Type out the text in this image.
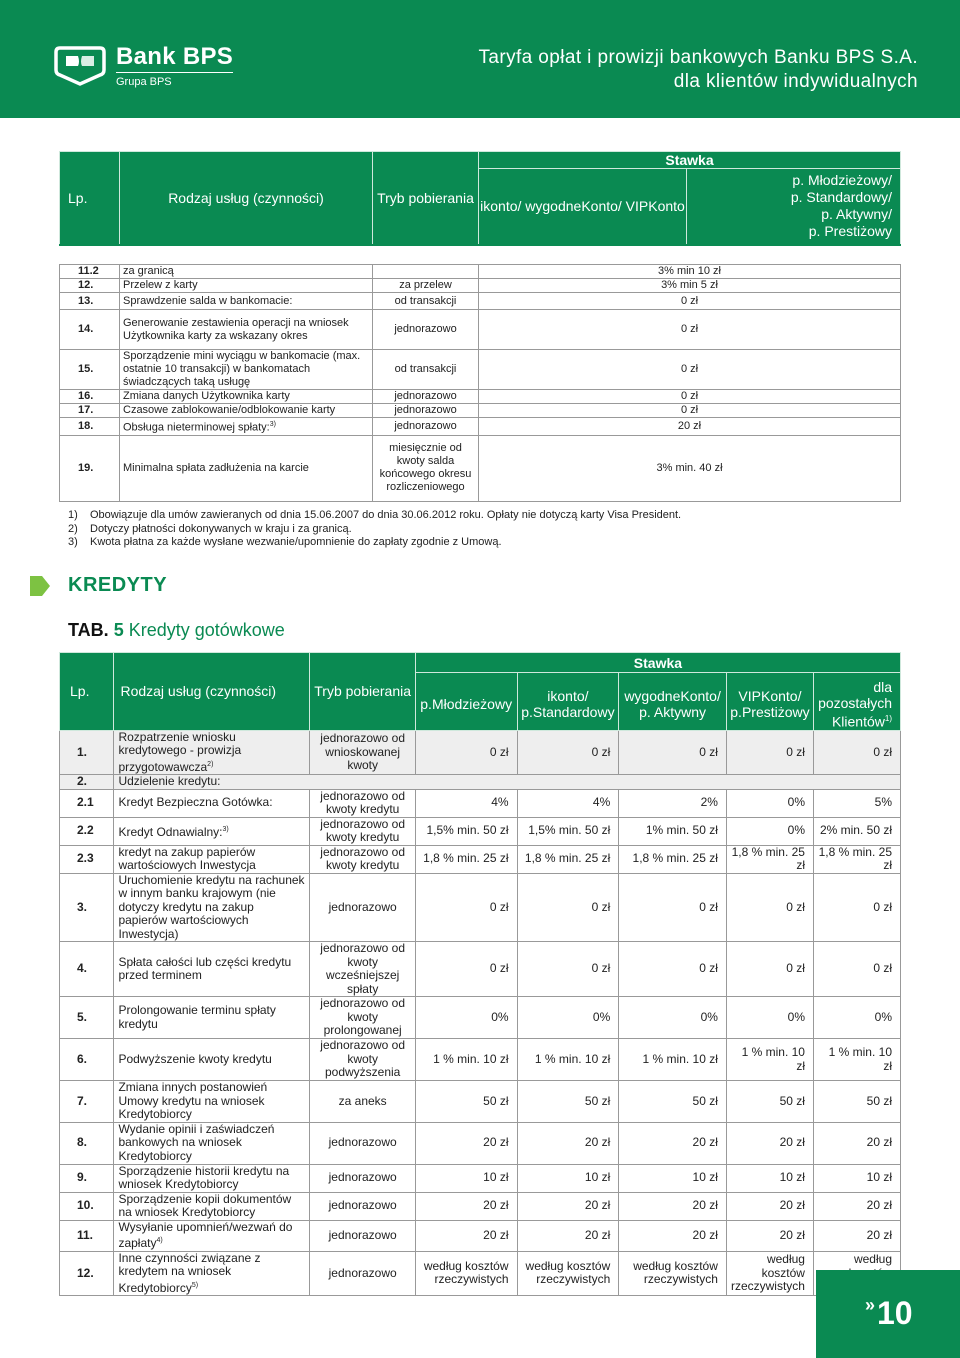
Bank BPS
Grupa BPS
Taryfa opłat i prowizji bankowych Banku BPS S.A.
dla klientów indywidualnych
Lp.	Rodzaj usług (czynności)	Tryb pobierania	Stawka	
			ikonto/ wygodneKonto/ VIPKonto	p. Młodzieżowy/
p. Standardowy/
p. Aktywny/
p. Prestiżowy

11.2	za granicą		3% min 10 zł	
12.	Przelew z karty	za przelew	3% min 5 zł	
13.	Sprawdzenie salda w bankomacie:	od transakcji	0 zł	
14.	Generowanie zestawienia operacji na wniosek Użytkownika karty za wskazany okres	jednorazowo	0 zł	
15.	Sporządzenie mini wyciągu w bankomacie (max. ostatnie 10 transakcji) w bankomatach świadczących taką usługę	od transakcji	0 zł	
16.	Zmiana danych Użytkownika karty	jednorazowo	0 zł	
17.	Czasowe zablokowanie/odblokowanie karty	jednorazowo	0 zł	
18.	Obsługa nieterminowej spłaty:$^{3)}$	jednorazowo	20 zł	
19.	Minimalna spłata zadłużenia na karcie	miesięcznie od kwoty salda końcowego okresu rozliczeniowego	3% min. 40 zł	
1) Obowiązuje dla umów zawieranych od dnia 15.06.2007 do dnia 30.06.2012 roku. Opłaty nie dotyczą karty Visa President.
2) Dotyczy płatności dokonywanych w kraju i za granicą.
3) Kwota płatna za każde wysłane wezwanie/upomnienie do zapłaty zgodnie z Umową.
KREDYTY
TAB. 5 Kredyty gotówkowe
Lp.	Rodzaj usług (czynności)	Tryb pobierania	Stawka				
			p.Młodzieżowy	ikonto/ p.Standardowy	wygodneKonto/ p. Aktywny	VIPKonto/ p.Prestiżowy	dla pozostałych Klientów$^{1)}$
1.	Rozpatrzenie wniosku kredytowego - prowizja przygotowawcza$^{2)}$	jednorazowo od wnioskowanej kwoty	0 zł	0 zł	0 zł	0 zł	0 zł
2.	Udzielenie kredytu:						
2.1	Kredyt Bezpieczna Gotówka:	jednorazowo od kwoty kredytu	4%	4%	2%	0%	5%
2.2	Kredyt Odnawialny:$^{3)}$	jednorazowo od kwoty kredytu	1,5% min. 50 zł	1,5% min. 50 zł	1% min. 50 zł	0%	2% min. 50 zł
2.3	kredyt na zakup papierów wartościowych Inwestycja	jednorazowo od kwoty kredytu	1,8 % min. 25 zł	1,8 % min. 25 zł	1,8 % min. 25 zł	1,8 % min. 25 zł	1,8 % min. 25 zł
3.	Uruchomienie kredytu na rachunek w innym banku krajowym (nie dotyczy kredytu na zakup papierów wartościowych Inwestycja)	jednorazowo	0 zł	0 zł	0 zł	0 zł	0 zł
4.	Spłata całości lub części kredytu przed terminem	jednorazowo od kwoty wcześniejszej spłaty	0 zł	0 zł	0 zł	0 zł	0 zł
5.	Prolongowanie terminu spłaty kredytu	jednorazowo od kwoty prolongowanej	0%	0%	0%	0%	0%
6.	Podwyższenie kwoty kredytu	jednorazowo od kwoty podwyższenia	1 % min. 10 zł	1 % min. 10 zł	1 % min. 10 zł	1 % min. 10 zł	1 % min. 10 zł
7.	Zmiana innych postanowień Umowy kredytu na wniosek Kredytobiorcy	za aneks	50 zł	50 zł	50 zł	50 zł	50 zł
8.	Wydanie opinii i zaświadczeń bankowych na wniosek Kredytobiorcy	jednorazowo	20 zł	20 zł	20 zł	20 zł	20 zł
9.	Sporządzenie historii kredytu na wniosek Kredytobiorcy	jednorazowo	10 zł	10 zł	10 zł	10 zł	10 zł
10.	Sporządzenie kopii dokumentów na wniosek Kredytobiorcy	jednorazowo	20 zł	20 zł	20 zł	20 zł	20 zł
11.	Wysyłanie upomnień/wezwań do zapłaty$^{4)}$	jednorazowo	20 zł	20 zł	20 zł	20 zł	20 zł
12.	Inne czynności związane z kredytem na wniosek Kredytobiorcy$^{5)}$	jednorazowo	według kosztów rzeczywistych	według kosztów rzeczywistych	według kosztów rzeczywistych	według kosztów rzeczywistych	według
» 10
